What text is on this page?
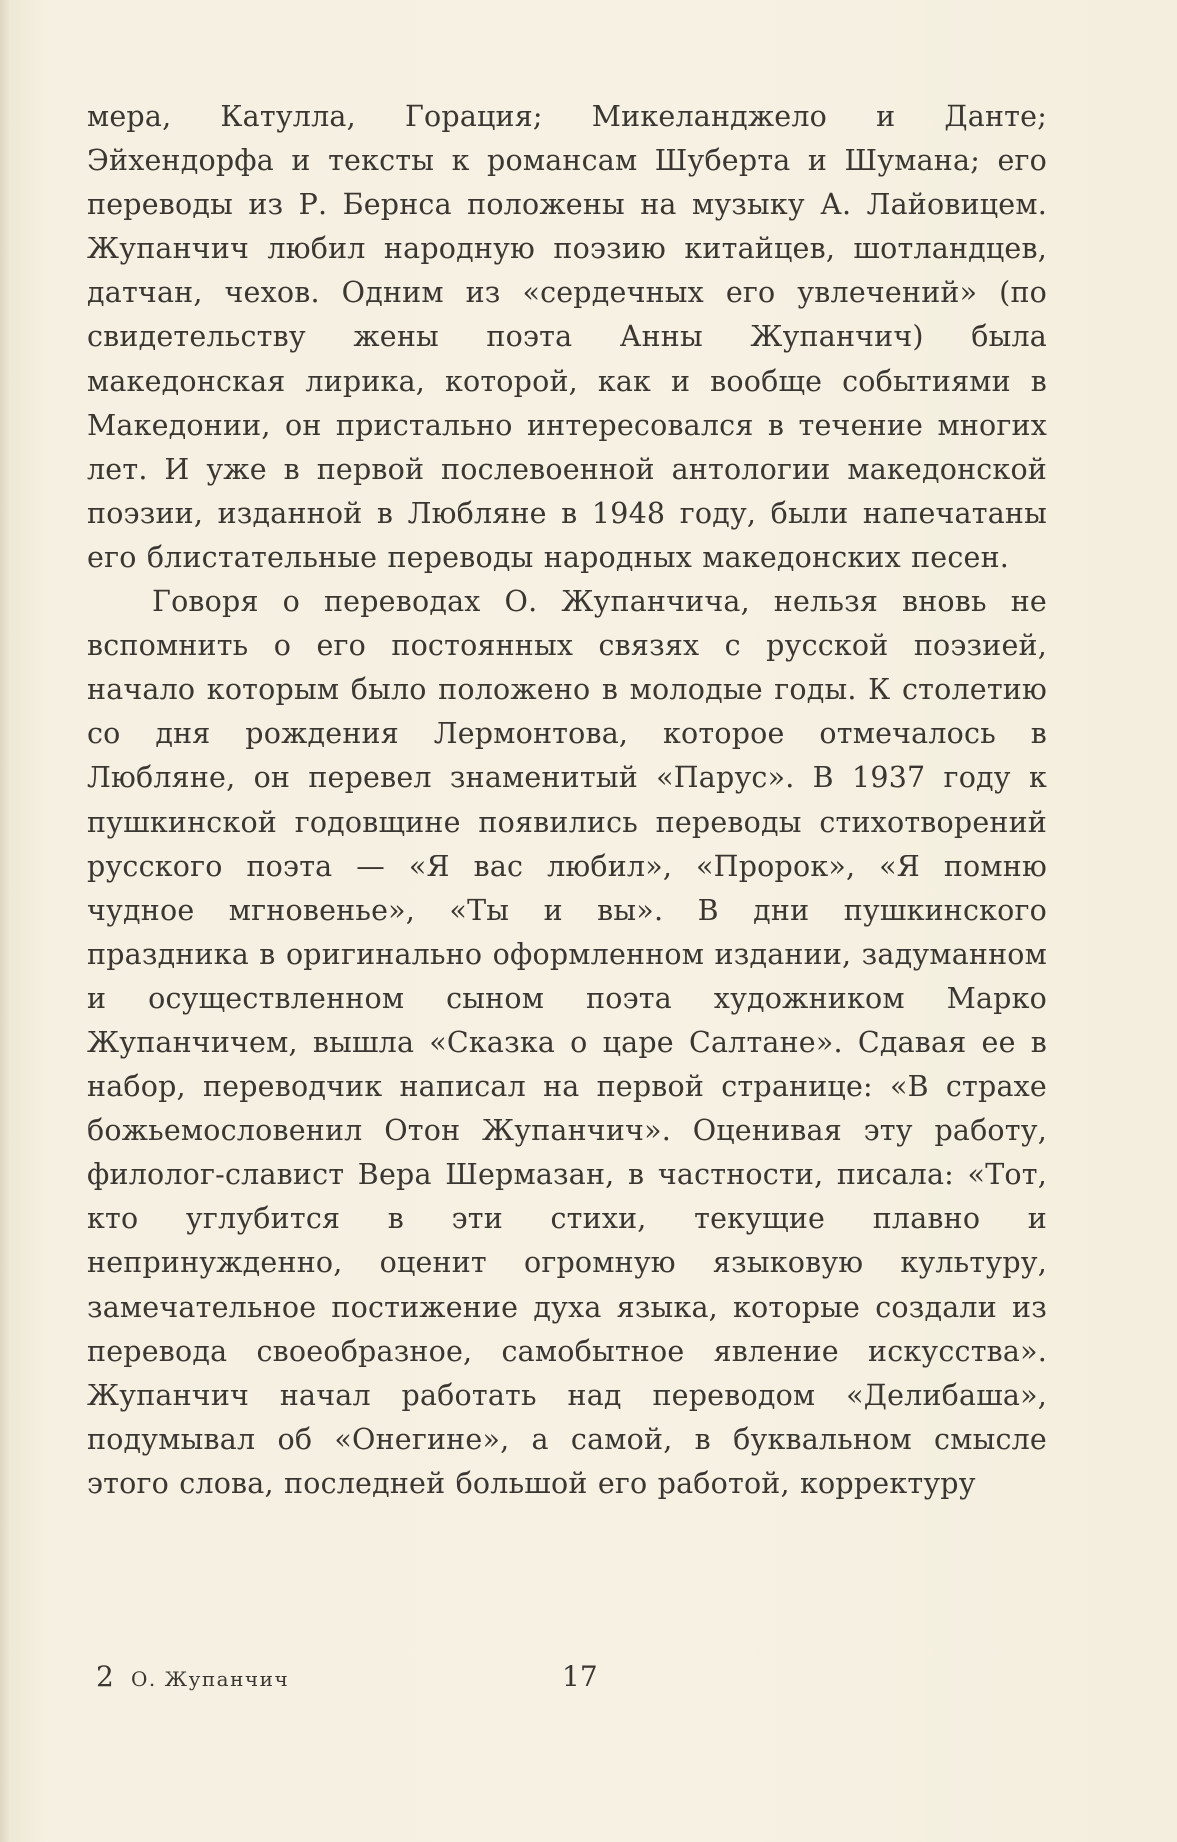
мера, Катулла, Горация; Микеланджело и Данте; Эйхендорфа и тексты к романсам Шуберта и Шумана; его переводы из Р. Бернса положены на музыку А. Лайовицем. Жупанчич любил народную поэзию китайцев, шотландцев, датчан, чехов. Одним из «сердечных его увлечений» (по свидетельству жены поэта Анны Жупанчич) была македонская лирика, которой, как и вообще событиями в Македонии, он пристально интересовался в течение многих лет. И уже в первой послевоенной антологии македонской поэзии, изданной в Любляне в 1948 году, были напечатаны его блистательные переводы народных македонских песен.

Говоря о переводах О. Жупанчича, нельзя вновь не вспомнить о его постоянных связях с русской поэзией, начало которым было положено в молодые годы. К столетию со дня рождения Лермонтова, которое отмечалось в Любляне, он перевел знаменитый «Парус». В 1937 году к пушкинской годовщине появились переводы стихотворений русского поэта — «Я вас любил», «Пророк», «Я помню чудное мгновенье», «Ты и вы». В дни пушкинского праздника в оригинально оформленном издании, задуманном и осуществленном сыном поэта художником Марко Жупанчичем, вышла «Сказка о царе Салтане». Сдавая ее в набор, переводчик написал на первой странице: «В страхе божьемословенил Отон Жупанчич». Оценивая эту работу, филолог-славист Вера Шермазан, в частности, писала: «Тот, кто углубится в эти стихи, текущие плавно и непринужденно, оценит огромную языковую культуру, замечательное постижение духа языка, которые создали из перевода своеобразное, самобытное явление искусства». Жупанчич начал работать над переводом «Делибаша», подумывал об «Онегине», а самой, в буквальном смысле этого слова, последней большой его работой, корректуру

2 О. Жупанчич	17
